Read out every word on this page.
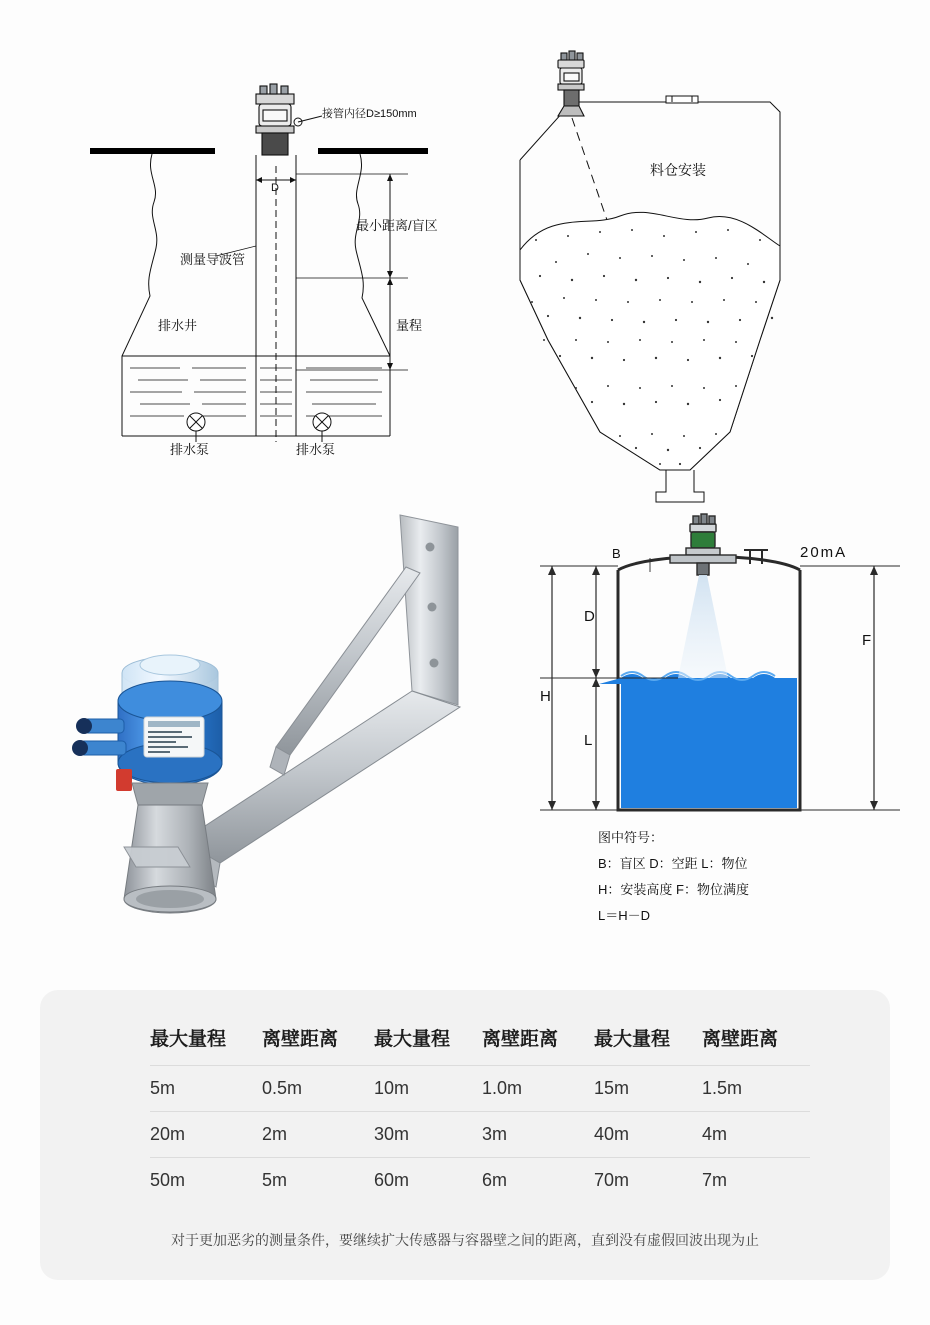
接管内径D≥150mm
D
最小距离/盲区
量程
测量导波管
排水井
排水泵	排水泵
料仓安装
H
D
L
F
B	20mA
图中符号：
B：盲区 D：空距 L：物位
H：安装高度 F：物位满度
L＝H－D
最大量程	离壁距离	最大量程	离壁距离	最大量程	离壁距离
5m	0.5m	10m	1.0m	15m	1.5m
20m	2m	30m	3m	40m	4m
50m	5m	60m	6m	70m	7m
对于更加恶劣的测量条件，要继续扩大传感器与容器壁之间的距离，直到没有虚假回波出现为止
